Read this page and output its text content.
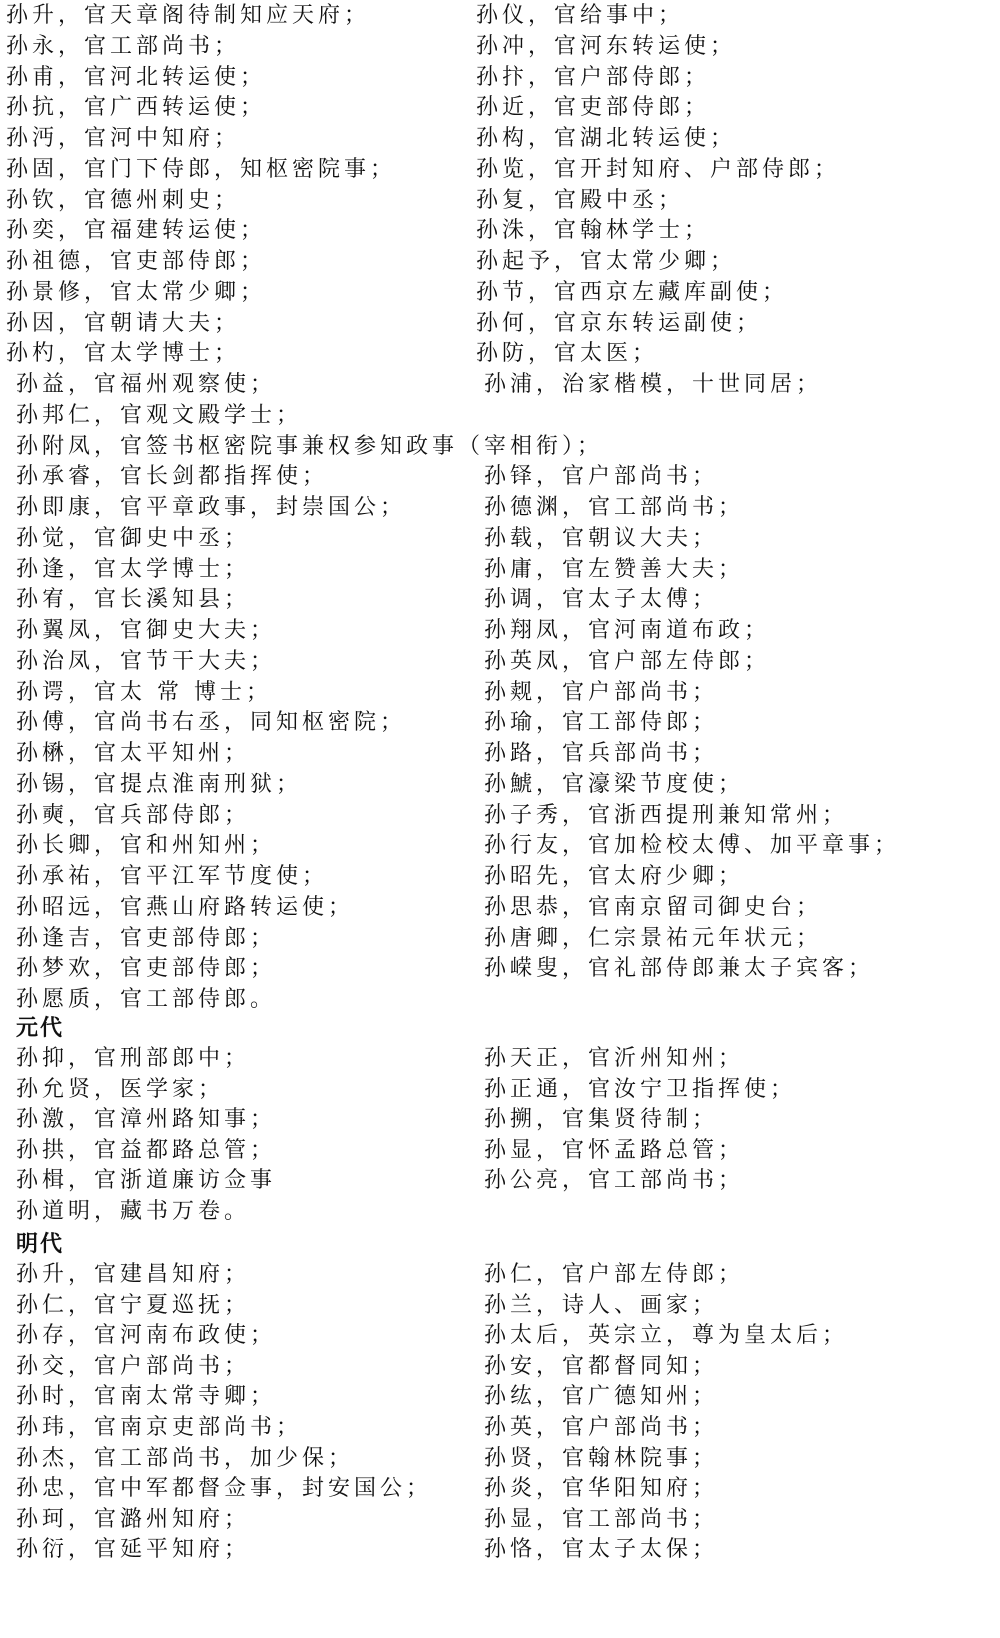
孙升，官天章阁待制知应天府；	孙仪，官给事中；
孙永，官工部尚书；	孙冲，官河东转运使；
孙甫，官河北转运使；	孙抃，官户部侍郎；
孙抗，官广西转运使；	孙近，官吏部侍郎；
孙沔，官河中知府；	孙构，官湖北转运使；
孙固，官门下侍郎，知枢密院事；	孙览，官开封知府、户部侍郎；
孙钦，官德州刺史；	孙复，官殿中丞；
孙奕，官福建转运使；	孙洙，官翰林学士；
孙祖德，官吏部侍郎；	孙起予，官太常少卿；
孙景修，官太常少卿；	孙节，官西京左藏库副使；
孙因，官朝请大夫；	孙何，官京东转运副使；
孙杓，官太学博士；	孙防，官太医；
孙益，官福州观察使；	孙浦，治家楷模，十世同居；
孙邦仁，官观文殿学士；
孙附凤，官签书枢密院事兼权参知政事（宰相衔）；
孙承睿，官长剑都指挥使；	孙铎，官户部尚书；
孙即康，官平章政事，封崇国公；	孙德渊，官工部尚书；
孙觉，官御史中丞；	孙载，官朝议大夫；
孙逢，官太学博士；	孙庸，官左赞善大夫；
孙宥，官长溪知县；	孙调，官太子太傅；
孙翼凤，官御史大夫；	孙翔凤，官河南道布政；
孙治凤，官节干大夫；	孙英凤，官户部左侍郎；
孙谔，官太 常 博士；	孙觌，官户部尚书；
孙傅，官尚书右丞，同知枢密院；	孙瑜，官工部侍郎；
孙楙，官太平知州；	孙路，官兵部尚书；
孙锡，官提点淮南刑狱；	孙鯱，官濠梁节度使；
孙奭，官兵部侍郎；	孙子秀，官浙西提刑兼知常州；
孙长卿，官和州知州；	孙行友，官加检校太傅、加平章事；
孙承祐，官平江军节度使；	孙昭先，官太府少卿；
孙昭远，官燕山府路转运使；	孙思恭，官南京留司御史台；
孙逢吉，官吏部侍郎；	孙唐卿，仁宗景祐元年状元；
孙梦欢，官吏部侍郎；	孙嵘叟，官礼部侍郎兼太子宾客；
孙愿质，官工部侍郎。
元代
孙抑，官刑部郎中；	孙天正，官沂州知州；
孙允贤，医学家；	孙正通，官汝宁卫指挥使；
孙激，官漳州路知事；	孙搠，官集贤待制；
孙拱，官益都路总管；	孙显，官怀孟路总管；
孙楫，官浙道廉访佥事	孙公亮，官工部尚书；
孙道明，藏书万卷。
明代
孙升，官建昌知府；	孙仁，官户部左侍郎；
孙仁，官宁夏巡抚；	孙兰，诗人、画家；
孙存，官河南布政使；	孙太后，英宗立，尊为皇太后；
孙交，官户部尚书；	孙安，官都督同知；
孙时，官南太常寺卿；	孙纮，官广德知州；
孙玮，官南京吏部尚书；	孙英，官户部尚书；
孙杰，官工部尚书，加少保；	孙贤，官翰林院事；
孙忠，官中军都督佥事，封安国公； 孙炎，官华阳知府；
孙珂，官潞州知府；	孙显，官工部尚书；
孙衍，官延平知府；	孙恪，官太子太保；
